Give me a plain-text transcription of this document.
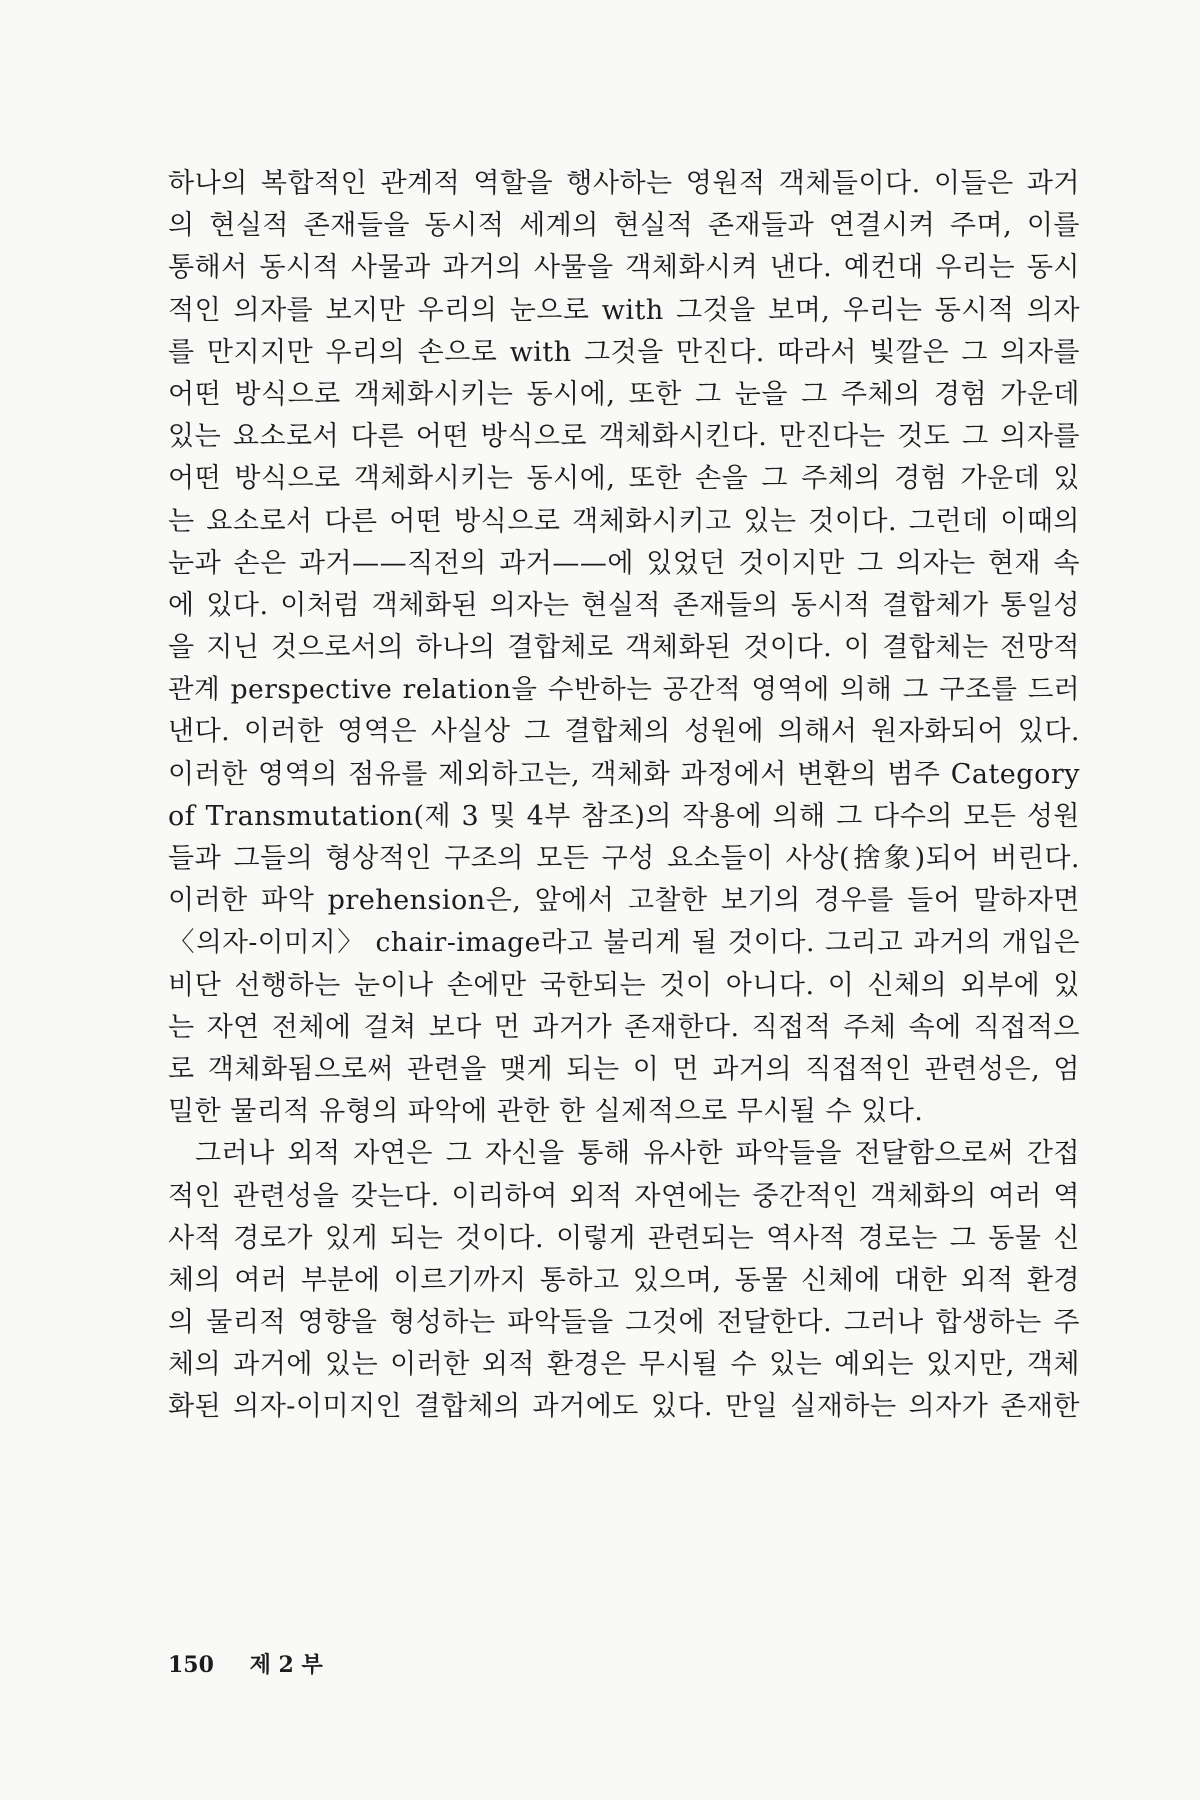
하나의 복합적인 관계적 역할을 행사하는 영원적 객체들이다. 이들은 과거
의 현실적 존재들을 동시적 세계의 현실적 존재들과 연결시켜 주며, 이를
통해서 동시적 사물과 과거의 사물을 객체화시켜 낸다. 예컨대 우리는 동시
적인 의자를 보지만 우리의 눈으로 with 그것을 보며, 우리는 동시적 의자
를 만지지만 우리의 손으로 with 그것을 만진다. 따라서 빛깔은 그 의자를
어떤 방식으로 객체화시키는 동시에, 또한 그 눈을 그 주체의 경험 가운데
있는 요소로서 다른 어떤 방식으로 객체화시킨다. 만진다는 것도 그 의자를
어떤 방식으로 객체화시키는 동시에, 또한 손을 그 주체의 경험 가운데 있
는 요소로서 다른 어떤 방식으로 객체화시키고 있는 것이다. 그런데 이때의
눈과 손은 과거——직전의 과거——에 있었던 것이지만 그 의자는 현재 속
에 있다. 이처럼 객체화된 의자는 현실적 존재들의 동시적 결합체가 통일성
을 지닌 것으로서의 하나의 결합체로 객체화된 것이다. 이 결합체는 전망적
관계 perspective relation을 수반하는 공간적 영역에 의해 그 구조를 드러
낸다. 이러한 영역은 사실상 그 결합체의 성원에 의해서 원자화되어 있다.
이러한 영역의 점유를 제외하고는, 객체화 과정에서 변환의 범주 Category
of Transmutation(제 3 및 4부 참조)의 작용에 의해 그 다수의 모든 성원
들과 그들의 형상적인 구조의 모든 구성 요소들이 사상(捨象)되어 버린다.
이러한 파악 prehension은, 앞에서 고찰한 보기의 경우를 들어 말하자면
〈의자-이미지〉 chair-image라고 불리게 될 것이다. 그리고 과거의 개입은
비단 선행하는 눈이나 손에만 국한되는 것이 아니다. 이 신체의 외부에 있
는 자연 전체에 걸쳐 보다 먼 과거가 존재한다. 직접적 주체 속에 직접적으
로 객체화됨으로써 관련을 맺게 되는 이 먼 과거의 직접적인 관련성은, 엄
밀한 물리적 유형의 파악에 관한 한 실제적으로 무시될 수 있다.
그러나 외적 자연은 그 자신을 통해 유사한 파악들을 전달함으로써 간접
적인 관련성을 갖는다. 이리하여 외적 자연에는 중간적인 객체화의 여러 역
사적 경로가 있게 되는 것이다. 이렇게 관련되는 역사적 경로는 그 동물 신
체의 여러 부분에 이르기까지 통하고 있으며, 동물 신체에 대한 외적 환경
의 물리적 영향을 형성하는 파악들을 그것에 전달한다. 그러나 합생하는 주
체의 과거에 있는 이러한 외적 환경은 무시될 수 있는 예외는 있지만, 객체
화된 의자-이미지인 결합체의 과거에도 있다. 만일 실재하는 의자가 존재한
150 제 2 부
